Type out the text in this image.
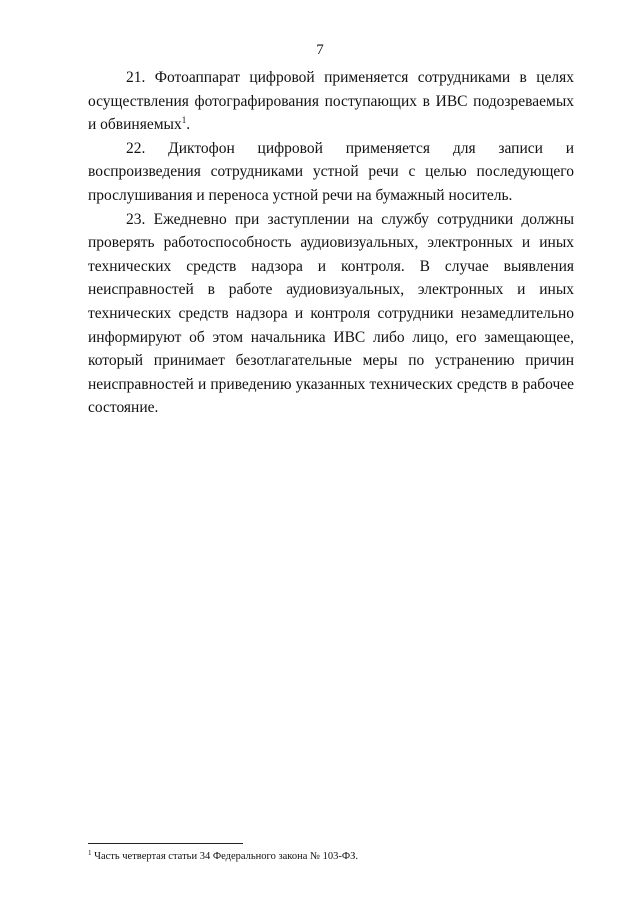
7

21. Фотоаппарат цифровой применяется сотрудниками в целях осуществления фотографирования поступающих в ИВС подозреваемых и обвиняемых$^1$.

22. Диктофон цифровой применяется для записи и воспроизведения сотрудниками устной речи с целью последующего прослушивания и переноса устной речи на бумажный носитель.

23. Ежедневно при заступлении на службу сотрудники должны проверять работоспособность аудиовизуальных, электронных и иных технических средств надзора и контроля. В случае выявления неисправностей в работе аудиовизуальных, электронных и иных технических средств надзора и контроля сотрудники незамедлительно информируют об этом начальника ИВС либо лицо, его замещающее, который принимает безотлагательные меры по устранению причин неисправностей и приведению указанных технических средств в рабочее состояние.

$^1$ Часть четвертая статьи 34 Федерального закона № 103-ФЗ.
